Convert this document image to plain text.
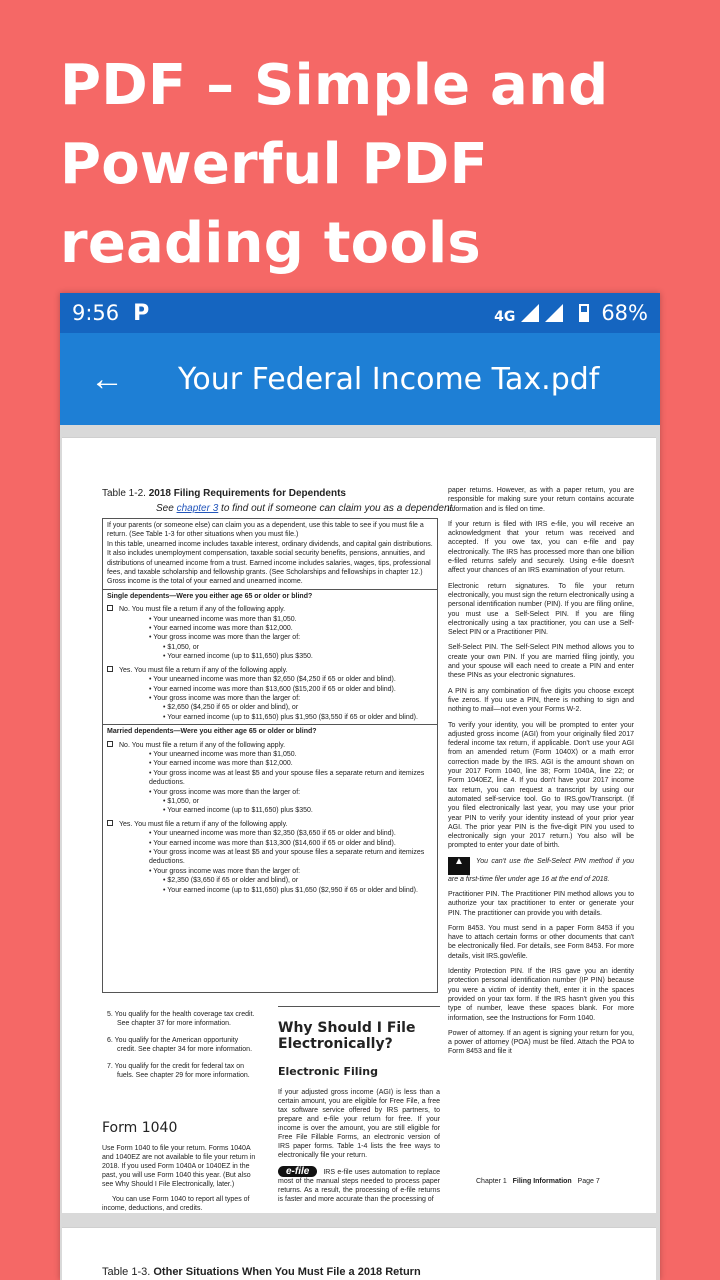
PDF – Simple and Powerful PDF reading tools
9:56 P	4G	68%
←	Your Federal Income Tax.pdf
Table 1-2. 2018 Filing Requirements for Dependents
See chapter 3 to find out if someone can claim you as a dependent.

If your parents (or someone else) can claim you as a dependent, use this table to see if you must file a return. (See Table 1-3 for other situations when you must file.)

In this table, unearned income includes taxable interest, ordinary dividends, and capital gain distributions. It also includes unemployment compensation, taxable social security benefits, pensions, annuities, and distributions of unearned income from a trust. Earned income includes salaries, wages, tips, professional fees, and taxable scholarship and fellowship grants. (See Scholarships and fellowships in chapter 12.) Gross income is the total of your earned and unearned income.

Single dependents—Were you either age 65 or older or blind?

No. You must file a return if any of the following apply.

• Your unearned income was more than $1,050.

• Your earned income was more than $12,000.

• Your gross income was more than the larger of:

• $1,050, or

• Your earned income (up to $11,650) plus $350.

Yes. You must file a return if any of the following apply.

• Your unearned income was more than $2,650 ($4,250 if 65 or older and blind).

• Your earned income was more than $13,600 ($15,200 if 65 or older and blind).

• Your gross income was more than the larger of:

• $2,650 ($4,250 if 65 or older and blind), or

• Your earned income (up to $11,650) plus $1,950 ($3,550 if 65 or older and blind).

Married dependents—Were you either age 65 or older or blind?

No. You must file a return if any of the following apply.

• Your unearned income was more than $1,050.

• Your earned income was more than $12,000.

• Your gross income was at least $5 and your spouse files a separate return and itemizes deductions.

• Your gross income was more than the larger of:

• $1,050, or

• Your earned income (up to $11,650) plus $350.

Yes. You must file a return if any of the following apply.

• Your unearned income was more than $2,350 ($3,650 if 65 or older and blind).

• Your earned income was more than $13,300 ($14,600 if 65 or older and blind).

• Your gross income was at least $5 and your spouse files a separate return and itemizes deductions.

• Your gross income was more than the larger of:

• $2,350 ($3,650 if 65 or older and blind), or

• Your earned income (up to $11,650) plus $1,650 ($2,950 if 65 or older and blind).

paper returns. However, as with a paper return, you are responsible for making sure your return contains accurate information and is filed on time.

If your return is filed with IRS e-file, you will receive an acknowledgment that your return was received and accepted. If you owe tax, you can e-file and pay electronically. The IRS has processed more than one billion e-filed returns safely and securely. Using e-file doesn't affect your chances of an IRS examination of your return.

Electronic return signatures. To file your return electronically, you must sign the return electronically using a personal identification number (PIN). If you are filing online, you must use a Self-Select PIN. If you are filing electronically using a tax practitioner, you can use a Self-Select PIN or a Practitioner PIN.

Self-Select PIN. The Self-Select PIN method allows you to create your own PIN. If you are married filing jointly, you and your spouse will each need to create a PIN and enter these PINs as your electronic signatures.

A PIN is any combination of five digits you choose except five zeros. If you use a PIN, there is nothing to sign and nothing to mail—not even your Forms W-2.

To verify your identity, you will be prompted to enter your adjusted gross income (AGI) from your originally filed 2017 federal income tax return, if applicable. Don't use your AGI from an amended return (Form 1040X) or a math error correction made by the IRS. AGI is the amount shown on your 2017 Form 1040, line 38; Form 1040A, line 22; or Form 1040EZ, line 4. If you don't have your 2017 income tax return, you can request a transcript by using our automated self-service tool. Go to IRS.gov/Transcript. (If you filed electronically last year, you may use your prior year PIN to verify your identity instead of your prior year AGI. The prior year PIN is the five-digit PIN you used to electronically sign your 2017 return.) You also will be prompted to enter your date of birth.

▲ You can't use the Self-Select PIN method if you are a first-time filer under age 16 at the end of 2018.

Practitioner PIN. The Practitioner PIN method allows you to authorize your tax practitioner to enter or generate your PIN. The practitioner can provide you with details.

Form 8453. You must send in a paper Form 8453 if you have to attach certain forms or other documents that can't be electronically filed. For details, see Form 8453. For more details, visit IRS.gov/efile.

Identity Protection PIN. If the IRS gave you an identity protection personal identification number (IP PIN) because you were a victim of identity theft, enter it in the spaces provided on your tax form. If the IRS hasn't given you this type of number, leave these spaces blank. For more information, see the Instructions for Form 1040.

Power of attorney. If an agent is signing your return for you, a power of attorney (POA) must be filed. Attach the POA to Form 8453 and file it

5. You qualify for the health coverage tax credit. See chapter 37 for more information.

6. You qualify for the American opportunity credit. See chapter 34 for more information.

7. You qualify for the credit for federal tax on fuels. See chapter 29 for more information.

Form 1040

Use Form 1040 to file your return. Forms 1040A and 1040EZ are not available to file your return in 2018. If you used Form 1040A or 1040EZ in the past, you will use Form 1040 this year. (But also see Why Should I File Electronically, later.)

You can use Form 1040 to report all types of income, deductions, and credits.

Why Should I File Electronically?
Electronic Filing

If your adjusted gross income (AGI) is less than a certain amount, you are eligible for Free File, a free tax software service offered by IRS partners, to prepare and e-file your return for free. If your income is over the amount, you are still eligible for Free File Fillable Forms, an electronic version of IRS paper forms. Table 1-4 lists the free ways to electronically file your return.

e-file IRS e-file uses automation to replace most of the manual steps needed to process paper returns. As a result, the processing of e-file returns is faster and more accurate than the processing of

Chapter 1 Filing Information Page 7
Table 1-3. Other Situations When You Must File a 2018 Return
